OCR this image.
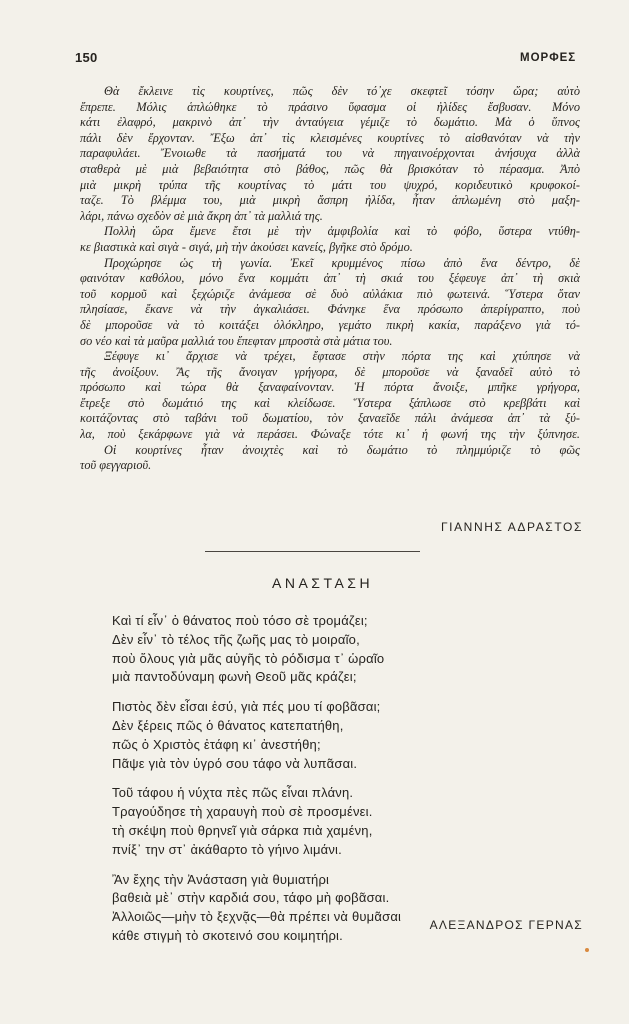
150	ΜΟΡΦΕΣ
Θὰ ἔκλεινε τὶς κουρτίνες, πῶς δὲν τό᾽χε σκεφτεῖ τόσην ὥρα; αὐτὸ
ἔπρεπε. Μόλις ἁπλώθηκε τὸ πράσινο ὕφασμα οἱ ἠλίδες ἔσβυσαν. Μόνο
κάτι ἐλαφρό, μακρινὸ ἀπ᾽ τὴν ἀνταύγεια γέμιζε τὸ δωμάτιο. Μὰ ὁ ὕπνος
πάλι δὲν ἔρχονταν. Ἔξω ἀπ᾽ τὶς κλεισμένες κουρτίνες τὸ αἰσθανόταν νὰ τὴν
παραφυλάει. Ἔνοιωθε τὰ πασήματά του νὰ πηγαινοέρχονται ἀνήσυχα ἀλλὰ
σταθερὰ μὲ μιὰ βεβαιότητα στὸ βάθος, πῶς θὰ βρισκόταν τὸ πέρασμα. Ἀπὸ
μιὰ μικρὴ τρύπα τῆς κουρτίνας τὸ μάτι του ψυχρό, κοριδευτικὸ κρυφοκοί-
ταζε. Τὸ βλέμμα του, μιὰ μικρὴ ἄσπρη ἠλίδα, ἦταν ἁπλωμένη στὸ μαξη-
λάρι, πάνω σχεδὸν σὲ μιὰ ἄκρη ἀπ᾽ τὰ μαλλιά της.
Πολλὴ ὥρα ἔμενε ἔτσι μὲ τὴν ἀμφιβολία καὶ τὸ φόβο, ὕστερα ντύθη-
κε βιαστικὰ καὶ σιγὰ - σιγά, μὴ τὴν ἀκούσει κανείς, βγῆκε στὸ δρόμο.
Προχώρησε ὡς τὴ γωνία. Ἐκεῖ κρυμμένος πίσω ἀπὸ ἕνα δέντρο, δὲ
φαινόταν καθόλου, μόνο ἕνα κομμάτι ἀπ᾽ τὴ σκιά του ξέφευγε ἀπ᾽ τὴ σκιὰ
τοῦ κορμοῦ καὶ ξεχώριζε ἀνάμεσα σὲ δυὸ αὐλάκια πιὸ φωτεινά. Ὕστερα ὅταν
πλησίασε, ἔκανε νὰ τὴν ἀγκαλιάσει. Φάνηκε ἕνα πρόσωπο ἀπερίγραπτο, ποὺ
δὲ μποροῦσε νὰ τὸ κοιτάξει ὁλόκληρο, γεμάτο πικρὴ κακία, παράξενο γιὰ τό-
σο νέο καὶ τὰ μαῦρα μαλλιά του ἔπεφταν μπροστὰ στὰ μάτια του.
Ξέφυγε κι᾽ ἄρχισε νὰ τρέχει, ἔφτασε στὴν πόρτα της καὶ χτύπησε νὰ
τῆς ἀνοίξουν. Ἂς τῆς ἄνοιγαν γρήγορα, δὲ μποροῦσε νὰ ξαναδεῖ αὐτὸ τὸ
πρόσωπο καὶ τώρα θὰ ξαναφαίνονταν. Ἡ πόρτα ἄνοιξε, μπῆκε γρήγορα,
ἔτρεξε στὸ δωμάτιό της καὶ κλείδωσε. Ὕστερα ξάπλωσε στὸ κρεββάτι καὶ
κοιτάζοντας στὸ ταβάνι τοῦ δωματίου, τὸν ξαναεῖδε πάλι ἀνάμεσα ἀπ᾽ τὰ ξύ-
λα, ποὺ ξεκάρφωνε γιὰ νὰ περάσει. Φώναξε τότε κι᾽ ἡ φωνή της τὴν ξύπνησε.
Οἱ κουρτίνες ἦταν ἀνοιχτὲς καὶ τὸ δωμάτιο τὸ πλημμύριζε τὸ φῶς
τοῦ φεγγαριοῦ.
ΓΙΑΝΝΗΣ ΑΔΡΑΣΤΟΣ
ΑΝΑΣΤΑΣΗ
Καὶ τί εἶν᾽ ὁ θάνατος ποὺ τόσο σὲ τρομάζει;
Δὲν εἶν᾽ τὸ τέλος τῆς ζωῆς μας τὸ μοιραῖο,
ποὺ ὅλους γιὰ μᾶς αὐγῆς τὸ ρόδισμα τ᾽ ὡραῖο
μιὰ παντοδύναμη φωνὴ Θεοῦ μᾶς κράζει;
Πιστὸς δὲν εἶσαι ἐσύ, γιὰ πές μου τί φοβᾶσαι;
Δὲν ξέρεις πῶς ὁ θάνατος κατεπατήθη,
πῶς ὁ Χριστὸς ἐτάφη κι᾽ ἀνεστήθη;
Πᾶψε γιὰ τὸν ὑγρό σου τάφο νὰ λυπᾶσαι.
Τοῦ τάφου ἡ νύχτα πὲς πῶς εἶναι πλάνη.
Τραγούδησε τὴ χαραυγὴ ποὺ σὲ προσμένει.
τὴ σκέψη ποὺ θρηνεῖ γιὰ σάρκα πιὰ χαμένη,
πνίξ᾽ την στ᾽ ἀκάθαρτο τὸ γήινο λιμάνι.
Ἂν ἔχης τὴν Ἀνάσταση γιὰ θυμιατήρι
βαθειὰ μὲ᾽ στὴν καρδιά σου, τάφο μὴ φοβᾶσαι.
Ἀλλοιῶς—μὴν τὸ ξεχνᾷς—θὰ πρέπει νὰ θυμᾶσαι
κάθε στιγμὴ τὸ σκοτεινό σου κοιμητήρι.
ΑΛΕΞΑΝΔΡΟΣ ΓΕΡΝΑΣ
